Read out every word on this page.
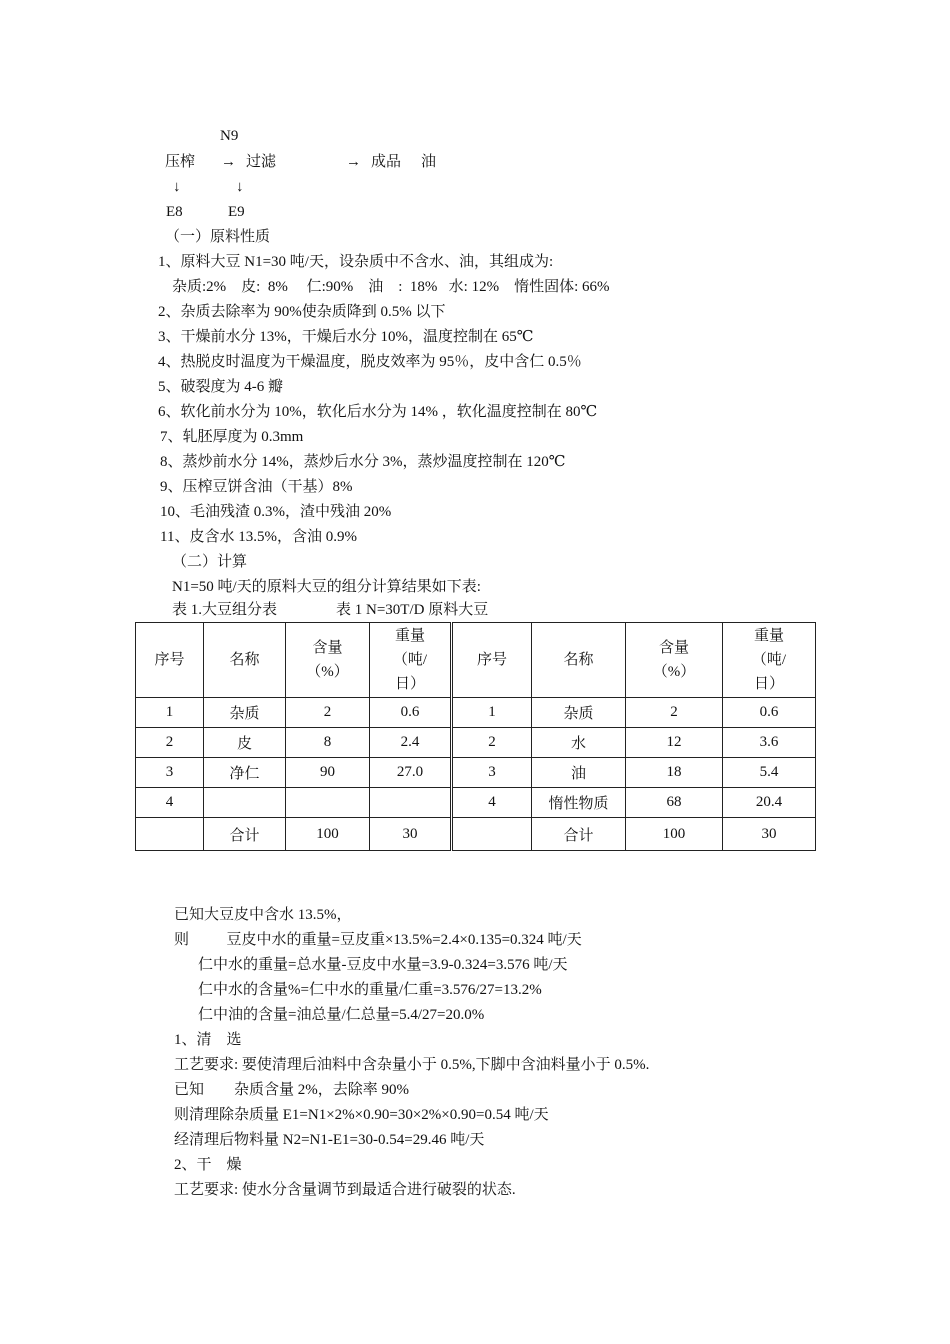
N9
压榨 → 过滤	→ 成品 油
↓	↓
E8	E9
（一）原料性质
1、原料大豆 N1=30 吨/天，设杂质中不含水、油，其组成为:
杂质:2%    皮:  8%     仁:90%    油    :  18%   水: 12%    惰性固体: 66%
2、杂质去除率为 90%使杂质降到 0.5% 以下
3、干燥前水分 13%，干燥后水分 10%，温度控制在 65℃
4、热脱皮时温度为干燥温度，脱皮效率为 95％，皮中含仁 0.5％
5、破裂度为 4-6 瓣
6、软化前水分为 10%，软化后水分为 14% ，软化温度控制在 80℃
7、轧胚厚度为 0.3mm
8、蒸炒前水分 14%，蒸炒后水分 3%，蒸炒温度控制在 120℃
9、压榨豆饼含油（干基）8%
10、毛油残渣 0.3%，渣中残油 20%
11、皮含水 13.5%，含油 0.9%
（二）计算
N1=50 吨/天的原料大豆的组分计算结果如下表:
表 1.大豆组分表	表 1 N=30T/D 原料大豆
序号	名称	含量
（%）	重量
（吨/
日）	序号	名称	含量
（%）	重量
（吨/
日）
1	杂质	2	0.6	1	杂质	2	0.6
2	皮	8	2.4	2	水	12	3.6
3	净仁	90	27.0	3	油	18	5.4
4				4	惰性物质	68	20.4
	合计	100	30		合计	100	30
已知大豆皮中含水 13.5%，
则          豆皮中水的重量=豆皮重×13.5%=2.4×0.135=0.324 吨/天
仁中水的重量=总水量-豆皮中水量=3.9-0.324=3.576 吨/天
仁中水的含量%=仁中水的重量/仁重=3.576/27=13.2%
仁中油的含量=油总量/仁总量=5.4/27=20.0%
1、清    选
工艺要求: 要使清理后油料中含杂量小于 0.5%,下脚中含油料量小于 0.5%.
已知        杂质含量 2%，去除率 90%
则清理除杂质量 E1=N1×2%×0.90=30×2%×0.90=0.54 吨/天
经清理后物料量 N2=N1-E1=30-0.54=29.46 吨/天
2、干    燥
工艺要求: 使水分含量调节到最适合进行破裂的状态.
